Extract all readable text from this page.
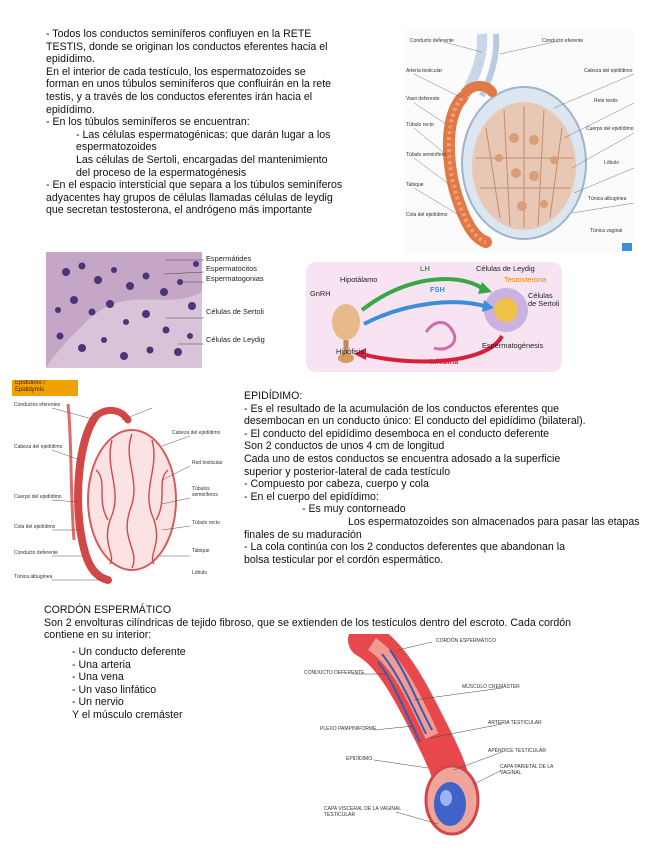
- Todos los conductos seminíferos confluyen en la RETE

TESTIS, donde se originan los conductos eferentes hacia el

epidídimo.

En el interior de cada testículo, los espermatozoides se

forman en unos túbulos seminíferos que confluirán en la rete

testis, y a través de los conductos eferentes irán hacia el

epidídimo.

- En los túbulos seminíferos se encuentran:

- Las células espermatogénicas: que darán lugar a los

espermatozoides

Las células de Sertoli, encargadas del mantenimiento

del proceso de la espermatogénesis

- En el espacio intersticial que separa a los túbulos seminíferos

adyacentes hay grupos de células llamadas células de leydig

que secretan testosterona, el andrógeno más importante

Conducto deferente	Conducto eferente
Arteria testicular	Cabeza del epidídimo
Vaso deferente	Rete testis
Túbulo recto
Cuerpo del epidídimo
Túbulo seminífero
Lóbulo
Tabique
Túnica albugínea
Cola del epidídimo
Túnica vaginal
Espermátides
Espermatocitos
Espermatogonias
Células de Sertoli
Células de Leydig
LH	Células de Leydig
Hipotálamo	Testosterona
GnRH	FSH
Células de Sertoli
Espermatogénesis
Hipófisis
Inhibina
Epidídimo /
Epididymis
Conductos eferentes
Cabeza del epidídimo
Cuerpo del epidídimo
Cola del epidídimo
Conducto deferente
Túnica albugínea
Cabeza del epidídimo
Red testicular
Túbulos seminíferos
Túbulo recto
Tabique
Lóbulo

EPIDÍDIMO:

- Es el resultado de la acumulación de los conductos eferentes que

desembocan en un conducto único: El conducto del epidídimo (bilateral).

- El conducto del epidídimo desemboca en el conducto deferente

Son 2 conductos de unos 4 cm de longitud

Cada uno de estos conductos se encuentra adosado a la superficie

superior y posterior-lateral de cada testículo

- Compuesto por cabeza, cuerpo y cola

- En el cuerpo del epidídimo:

- Es muy contorneado

Los espermatozoides son almacenados para pasar las etapas

finales de su maduración

- La cola continúa con los 2 conductos deferentes que abandonan la

bolsa testicular por el cordón espermático.

CORDÓN ESPERMÁTICO

Son 2 envolturas cilíndricas de tejido fibroso, que se extienden de los testículos dentro del escroto. Cada cordón

contiene en su interior:

- Un conducto deferente

- Una arteria

- Una vena

- Un vaso linfático

- Un nervio

Y el músculo cremáster

CORDÓN ESPERMÁTICO
CONDUCTO DEFERENTE
MÚSCULO CREMÁSTER
PLEXO PAMPINIFORME
ARTERIA TESTICULAR
EPIDÍDIMO
APÉNDICE TESTICULAR
CAPA PARIETAL DE LA VAGINAL
CAPA VISCERAL DE LA VAGINAL TESTICULAR
